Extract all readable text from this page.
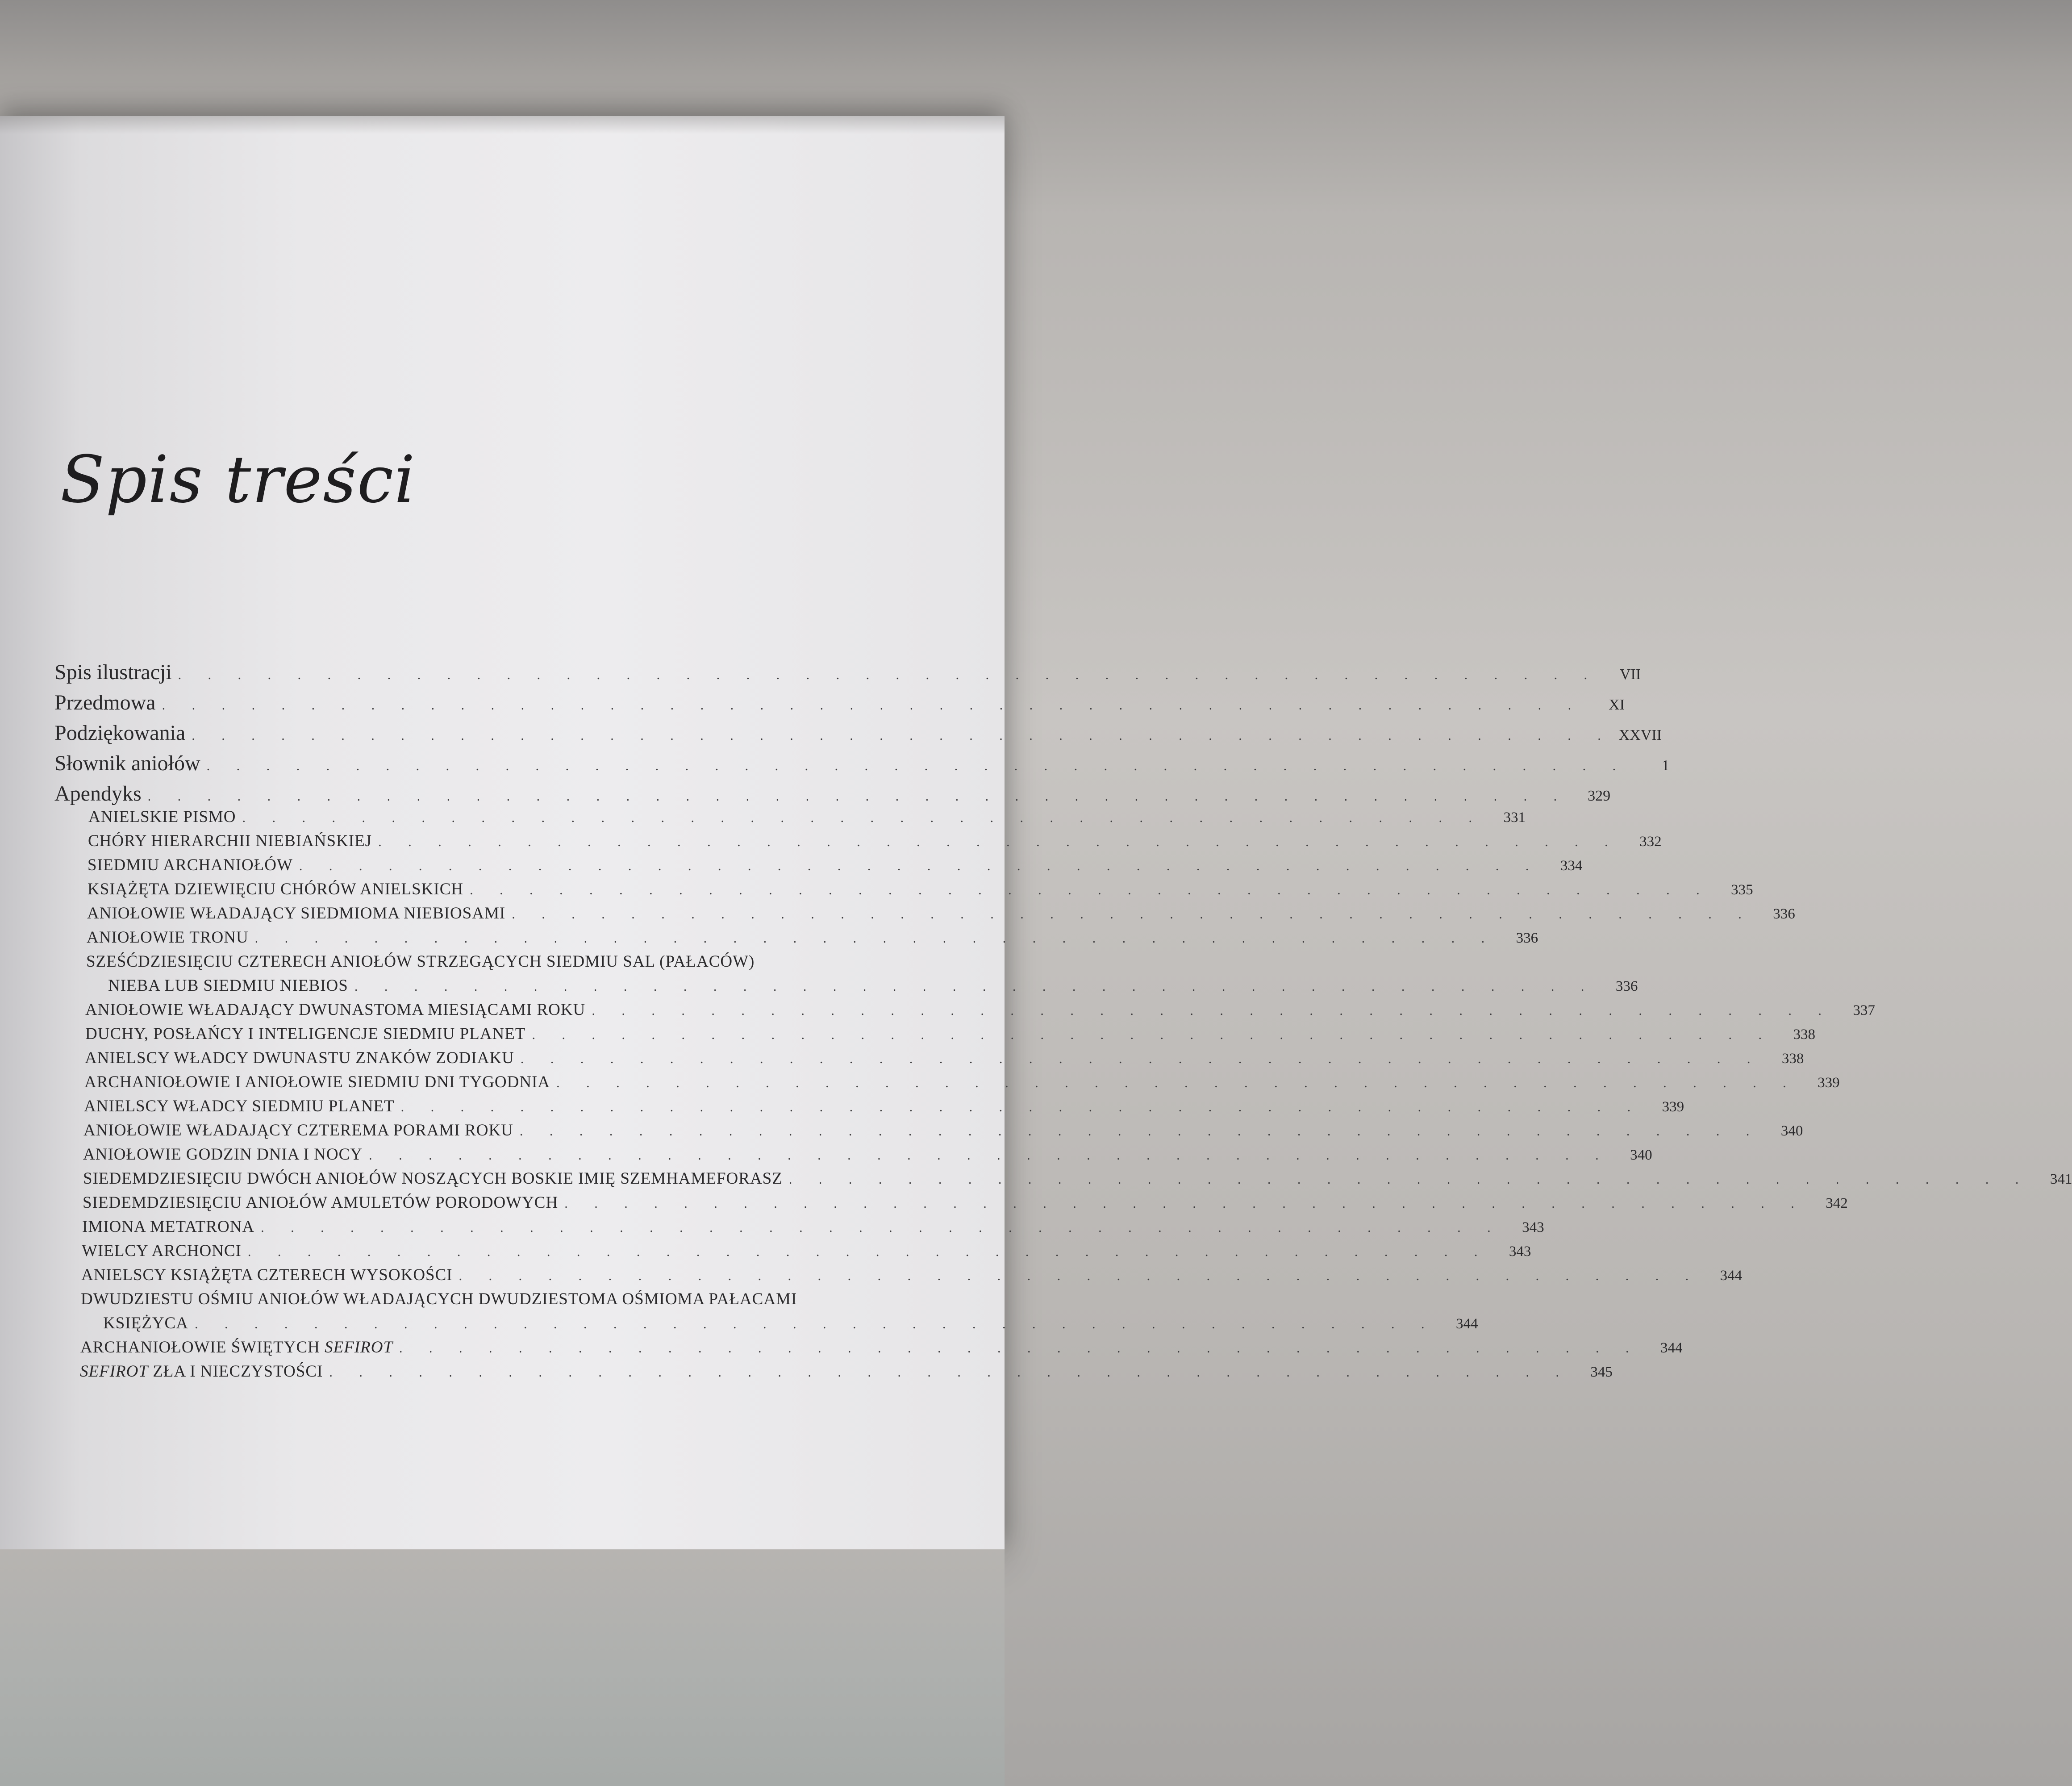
Spis treści
Spis ilustracji . . . . . . . . . . . . . . . . . . . . . . . . . . . . . . . . . . . . . . . . . . . . . . . .	VII
Przedmowa . . . . . . . . . . . . . . . . . . . . . . . . . . . . . . . . . . . . . . . . . . . . . . . .	XI
Podziękowania . . . . . . . . . . . . . . . . . . . . . . . . . . . . . . . . . . . . . . . . . . . . . . . . XXVII
Słownik aniołów . . . . . . . . . . . . . . . . . . . . . . . . . . . . . . . . . . . . . . . . . . . . . . . .	1
Apendyks . . . . . . . . . . . . . . . . . . . . . . . . . . . . . . . . . . . . . . . . . . . . . . . .	329
ANIELSKIE PISMO . . . . . . . . . . . . . . . . . . . . . . . . . . . . . . . . . . . . . . . . . .	331
CHÓRY HIERARCHII NIEBIAŃSKIEJ . . . . . . . . . . . . . . . . . . . . . . . . . . . . . . . . . . . . . . . . . .	332
SIEDMIU ARCHANIOŁÓW . . . . . . . . . . . . . . . . . . . . . . . . . . . . . . . . . . . . . . . . . .	334
KSIĄŻĘTA DZIEWIĘCIU CHÓRÓW ANIELSKICH . . . . . . . . . . . . . . . . . . . . . . . . . . . . . . . . . . . . . . . . . .	335
ANIOŁOWIE WŁADAJĄCY SIEDMIOMA NIEBIOSAMI . . . . . . . . . . . . . . . . . . . . . . . . . . . . . . . . . . . . . . . . . .	336
ANIOŁOWIE TRONU . . . . . . . . . . . . . . . . . . . . . . . . . . . . . . . . . . . . . . . . . .	336
SZEŚĆDZIESIĘCIU CZTERECH ANIOŁÓW STRZEGĄCYCH SIEDMIU SAL (PAŁACÓW)
NIEBA LUB SIEDMIU NIEBIOS . . . . . . . . . . . . . . . . . . . . . . . . . . . . . . . . . . . . . . . . . .	336
ANIOŁOWIE WŁADAJĄCY DWUNASTOMA MIESIĄCAMI ROKU . . . . . . . . . . . . . . . . . . . . . . . . . . . . . . . . . . . . . . . . . .	337
DUCHY, POSŁAŃCY I INTELIGENCJE SIEDMIU PLANET . . . . . . . . . . . . . . . . . . . . . . . . . . . . . . . . . . . . . . . . . .	338
ANIELSCY WŁADCY DWUNASTU ZNAKÓW ZODIAKU . . . . . . . . . . . . . . . . . . . . . . . . . . . . . . . . . . . . . . . . . .	338
ARCHANIOŁOWIE I ANIOŁOWIE SIEDMIU DNI TYGODNIA . . . . . . . . . . . . . . . . . . . . . . . . . . . . . . . . . . . . . . . . . .	339
ANIELSCY WŁADCY SIEDMIU PLANET . . . . . . . . . . . . . . . . . . . . . . . . . . . . . . . . . . . . . . . . . .	339
ANIOŁOWIE WŁADAJĄCY CZTEREMA PORAMI ROKU . . . . . . . . . . . . . . . . . . . . . . . . . . . . . . . . . . . . . . . . . .	340
ANIOŁOWIE GODZIN DNIA I NOCY . . . . . . . . . . . . . . . . . . . . . . . . . . . . . . . . . . . . . . . . . .	340
SIEDEMDZIESIĘCIU DWÓCH ANIOŁÓW NOSZĄCYCH BOSKIE IMIĘ SZEMHAMEFORASZ . . . . . . . . . . . . . . . . . . . . . . . . . . . . . . . . . . . . . . . . . .	341
SIEDEMDZIESIĘCIU ANIOŁÓW AMULETÓW PORODOWYCH . . . . . . . . . . . . . . . . . . . . . . . . . . . . . . . . . . . . . . . . . .	342
IMIONA METATRONA . . . . . . . . . . . . . . . . . . . . . . . . . . . . . . . . . . . . . . . . . .	343
WIELCY ARCHONCI . . . . . . . . . . . . . . . . . . . . . . . . . . . . . . . . . . . . . . . . . .	343
ANIELSCY KSIĄŻĘTA CZTERECH WYSOKOŚCI . . . . . . . . . . . . . . . . . . . . . . . . . . . . . . . . . . . . . . . . . .	344
DWUDZIESTU OŚMIU ANIOŁÓW WŁADAJĄCYCH DWUDZIESTOMA OŚMIOMA PAŁACAMI
KSIĘŻYCA . . . . . . . . . . . . . . . . . . . . . . . . . . . . . . . . . . . . . . . . . .	344
ARCHANIOŁOWIE ŚWIĘTYCH SEFIROT . . . . . . . . . . . . . . . . . . . . . . . . . . . . . . . . . . . . . . . . . .	344
SEFIROT ZŁA I NIECZYSTOŚCI . . . . . . . . . . . . . . . . . . . . . . . . . . . . . . . . . . . . . . . . . .	345
